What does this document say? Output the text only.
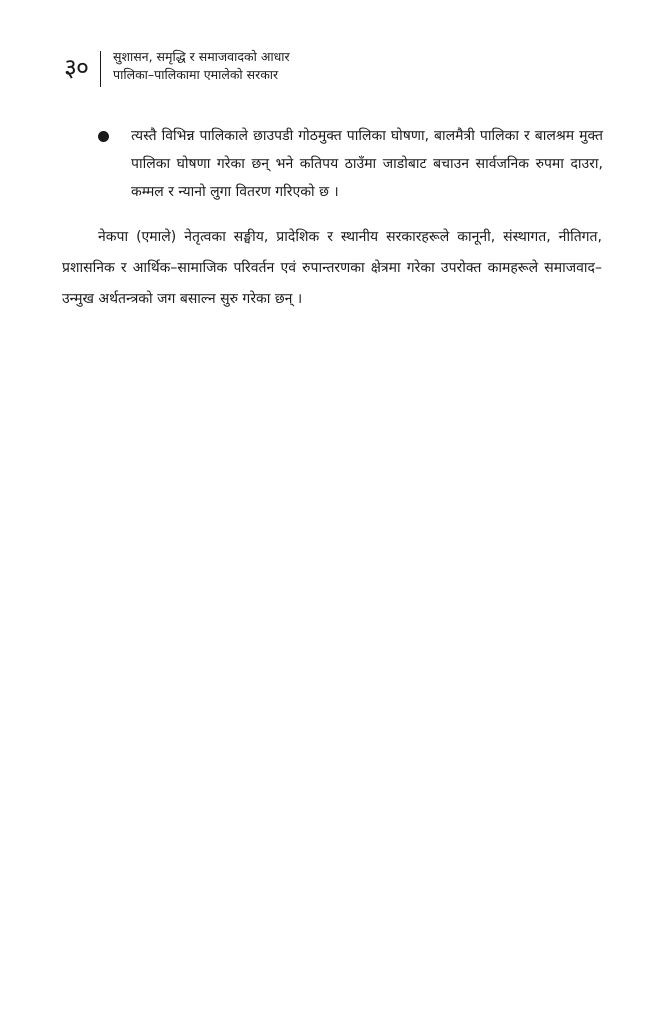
३० सुशासन, समृद्धि र समाजवादको आधार
पालिका–पालिकामा एमालेको सरकार
त्यस्तै विभिन्न पालिकाले छाउपडी गोठमुक्त पालिका घोषणा, बालमैत्री पालिका र बालश्रम मुक्त पालिका घोषणा गरेका छन् भने कतिपय ठाउँमा जाडोबाट बचाउन सार्वजनिक रुपमा दाउरा, कम्मल र न्यानो लुगा वितरण गरिएको छ ।

नेकपा (एमाले) नेतृत्वका सङ्घीय, प्रादेशिक र स्थानीय सरकारहरूले कानूनी, संस्थागत, नीतिगत, प्रशासनिक र आर्थिक–सामाजिक परिवर्तन एवं रुपान्तरणका क्षेत्रमा गरेका उपरोक्त कामहरूले समाजवाद–उन्मुख अर्थतन्त्रको जग बसाल्न सुरु गरेका छन् ।
